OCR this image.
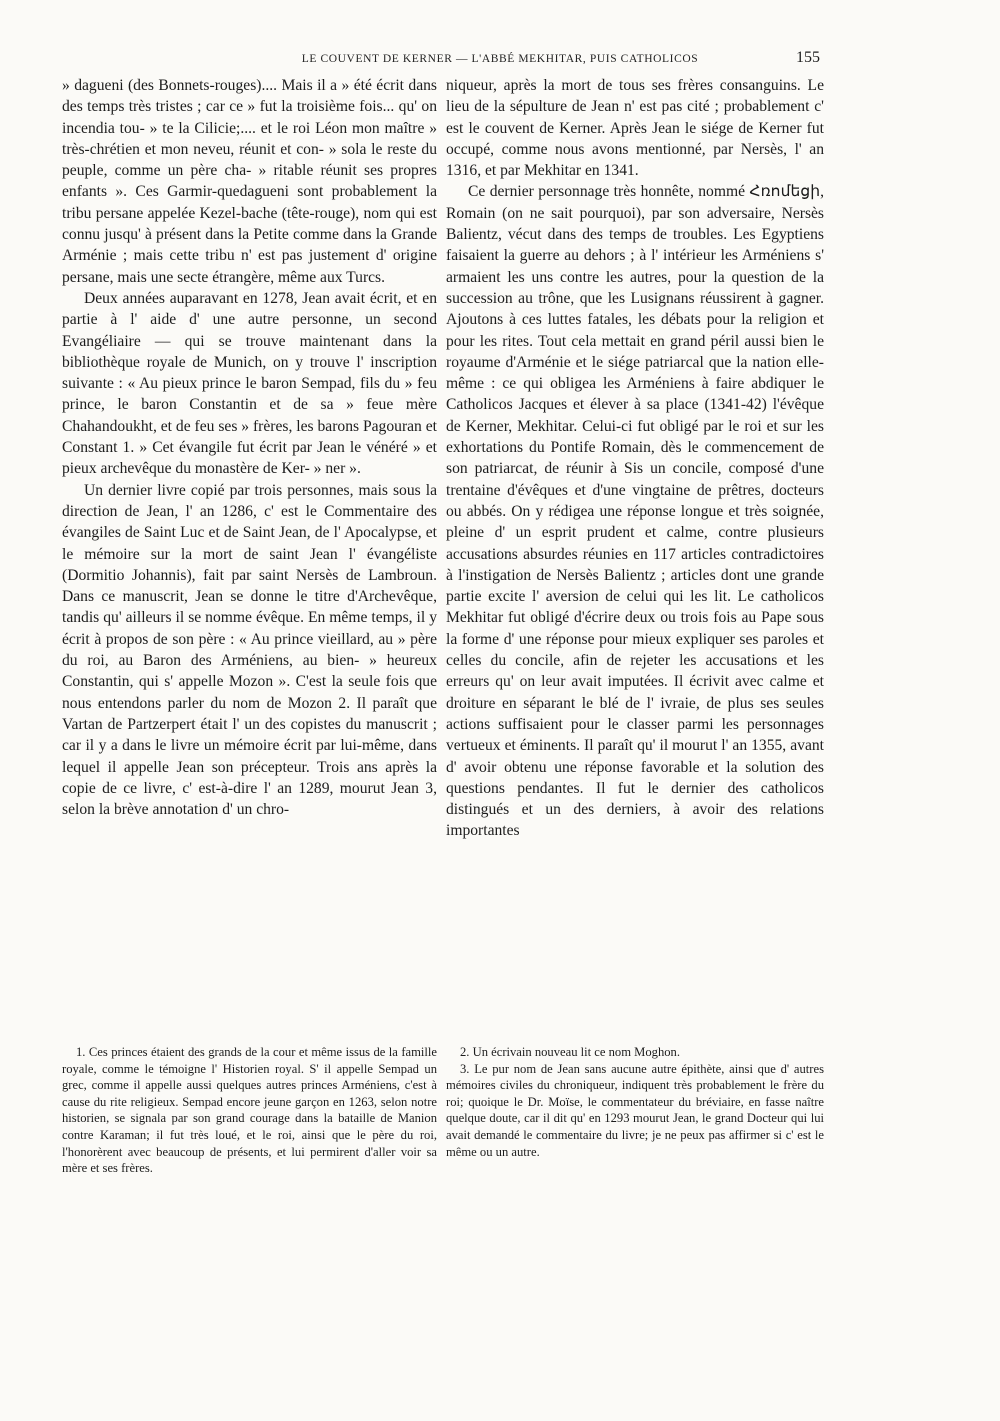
LE COUVENT DE KERNER — L'ABBÉ MEKHITAR, PUIS CATHOLICOS	155

» dagueni (des Bonnets-rouges).... Mais il a » été écrit dans des temps très tristes ; car ce » fut la troisième fois... qu' on incendia tou- » te la Cilicie;.... et le roi Léon mon maître » très-chrétien et mon neveu, réunit et con- » sola le reste du peuple, comme un père cha- » ritable réunit ses propres enfants ». Ces Garmir-quedagueni sont probablement la tribu persane appelée Kezel-bache (tête-rouge), nom qui est connu jusqu' à présent dans la Petite comme dans la Grande Arménie ; mais cette tribu n' est pas justement d' origine persane, mais une secte étrangère, même aux Turcs.

Deux années auparavant en 1278, Jean avait écrit, et en partie à l' aide d' une autre personne, un second Evangéliaire — qui se trouve maintenant dans la bibliothèque royale de Munich, on y trouve l' inscription suivante : « Au pieux prince le baron Sempad, fils du » feu prince, le baron Constantin et de sa » feue mère Chahandoukht, et de feu ses » frères, les barons Pagouran et Constant 1. » Cet évangile fut écrit par Jean le vénéré » et pieux archevêque du monastère de Ker- » ner ».

Un dernier livre copié par trois personnes, mais sous la direction de Jean, l' an 1286, c' est le Commentaire des évangiles de Saint Luc et de Saint Jean, de l' Apocalypse, et le mémoire sur la mort de saint Jean l' évangéliste (Dormitio Johannis), fait par saint Nersès de Lambroun. Dans ce manuscrit, Jean se donne le titre d'Archevêque, tandis qu' ailleurs il se nomme évêque. En même temps, il y écrit à propos de son père : « Au prince vieillard, au » père du roi, au Baron des Arméniens, au bien- » heureux Constantin, qui s' appelle Mozon ». C'est la seule fois que nous entendons parler du nom de Mozon 2. Il paraît que Vartan de Partzerpert était l' un des copistes du manuscrit ; car il y a dans le livre un mémoire écrit par lui-même, dans lequel il appelle Jean son précepteur. Trois ans après la copie de ce livre, c' est-à-dire l' an 1289, mourut Jean 3, selon la brève annotation d' un chro-

niqueur, après la mort de tous ses frères consanguins. Le lieu de la sépulture de Jean n' est pas cité ; probablement c' est le couvent de Kerner. Après Jean le siége de Kerner fut occupé, comme nous avons mentionné, par Nersès, l' an 1316, et par Mekhitar en 1341.

Ce dernier personnage très honnête, nommé Հռոմեցի, Romain (on ne sait pourquoi), par son adversaire, Nersès Balientz, vécut dans des temps de troubles. Les Egyptiens faisaient la guerre au dehors ; à l' intérieur les Arméniens s' armaient les uns contre les autres, pour la question de la succession au trône, que les Lusignans réussirent à gagner. Ajoutons à ces luttes fatales, les débats pour la religion et pour les rites. Tout cela mettait en grand péril aussi bien le royaume d'Arménie et le siége patriarcal que la nation elle-même : ce qui obligea les Arméniens à faire abdiquer le Catholicos Jacques et élever à sa place (1341-42) l'évêque de Kerner, Mekhitar. Celui-ci fut obligé par le roi et sur les exhortations du Pontife Romain, dès le commencement de son patriarcat, de réunir à Sis un concile, composé d'une trentaine d'évêques et d'une vingtaine de prêtres, docteurs ou abbés. On y rédigea une réponse longue et très soignée, pleine d' un esprit prudent et calme, contre plusieurs accusations absurdes réunies en 117 articles contradictoires à l'instigation de Nersès Balientz ; articles dont une grande partie excite l' aversion de celui qui les lit. Le catholicos Mekhitar fut obligé d'écrire deux ou trois fois au Pape sous la forme d' une réponse pour mieux expliquer ses paroles et celles du concile, afin de rejeter les accusations et les erreurs qu' on leur avait imputées. Il écrivit avec calme et droiture en séparant le blé de l' ivraie, de plus ses seules actions suffisaient pour le classer parmi les personnages vertueux et éminents. Il paraît qu' il mourut l' an 1355, avant d' avoir obtenu une réponse favorable et la solution des questions pendantes. Il fut le dernier des catholicos distingués et un des derniers, à avoir des relations importantes

1. Ces princes étaient des grands de la cour et même issus de la famille royale, comme le témoigne l' Historien royal. S' il appelle Sempad un grec, comme il appelle aussi quelques autres princes Arméniens, c'est à cause du rite religieux. Sempad encore jeune garçon en 1263, selon notre historien, se signala par son grand courage dans la bataille de Manion contre Karaman; il fut très loué, et le roi, ainsi que le père du roi, l'honorèrent avec beaucoup de présents, et lui permirent d'aller voir sa mère et ses frères.

2. Un écrivain nouveau lit ce nom Moghon.

3. Le pur nom de Jean sans aucune autre épithète, ainsi que d' autres mémoires civiles du chroniqueur, indiquent très probablement le frère du roi; quoique le Dr. Moïse, le commentateur du bréviaire, en fasse naître quelque doute, car il dit qu' en 1293 mourut Jean, le grand Docteur qui lui avait demandé le commentaire du livre; je ne peux pas affirmer si c' est le même ou un autre.
